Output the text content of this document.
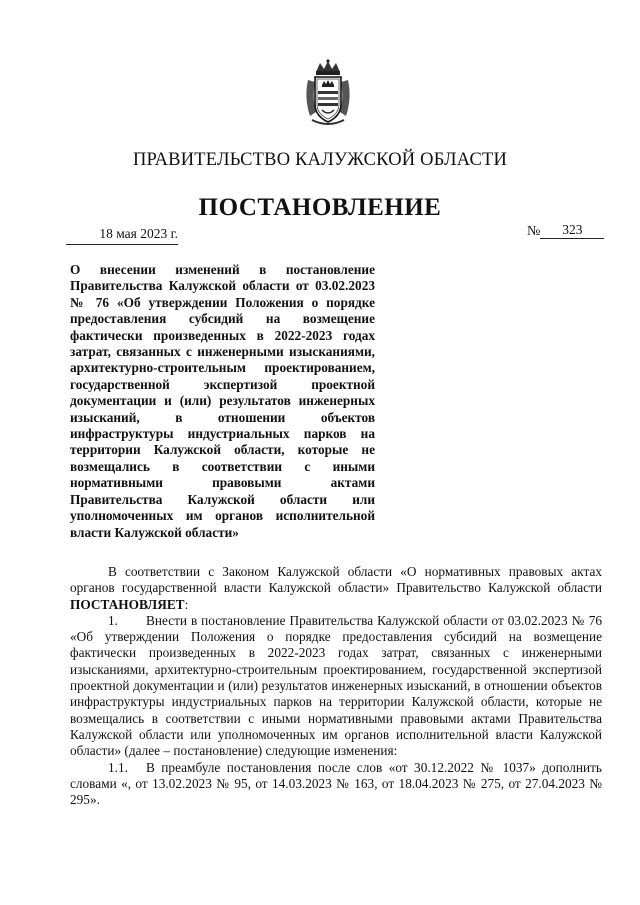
ПРАВИТЕЛЬСТВО КАЛУЖСКОЙ ОБЛАСТИ
ПОСТАНОВЛЕНИЕ
18 мая 2023 г.	№ 323
О внесении изменений в постановление Правительства Калужской области от 03.02.2023 № 76 «Об утверждении Положения о порядке предоставления субсидий на возмещение фактически произведенных в 2022-2023 годах затрат, связанных с инженерными изысканиями, архитектурно-строительным проектированием, государственной экспертизой проектной документации и (или) результатов инженерных изысканий, в отношении объектов инфраструктуры индустриальных парков на территории Калужской области, которые не возмещались в соответствии с иными нормативными правовыми актами Правительства Калужской области или уполномоченных им органов исполнительной
власти Калужской области»

В соответствии с Законом Калужской области «О нормативных правовых актах органов государственной власти Калужской области» Правительство Калужской области ПОСТАНОВЛЯЕТ:

1. Внести в постановление Правительства Калужской области от 03.02.2023 № 76 «Об утверждении Положения о порядке предоставления субсидий на возмещение фактически произведенных в 2022-2023 годах затрат, связанных с инженерными изысканиями, архитектурно-строительным проектированием, государственной экспертизой проектной документации и (или) результатов инженерных изысканий, в отношении объектов инфраструктуры индустриальных парков на территории Калужской области, которые не возмещались в соответствии с иными нормативными правовыми актами Правительства Калужской области или уполномоченных им органов исполнительной власти Калужской области» (далее – постановление) следующие изменения:

1.1. В преамбуле постановления после слов «от 30.12.2022 № 1037» дополнить словами «, от 13.02.2023 № 95, от 14.03.2023 № 163, от 18.04.2023 № 275, от 27.04.2023 № 295».
